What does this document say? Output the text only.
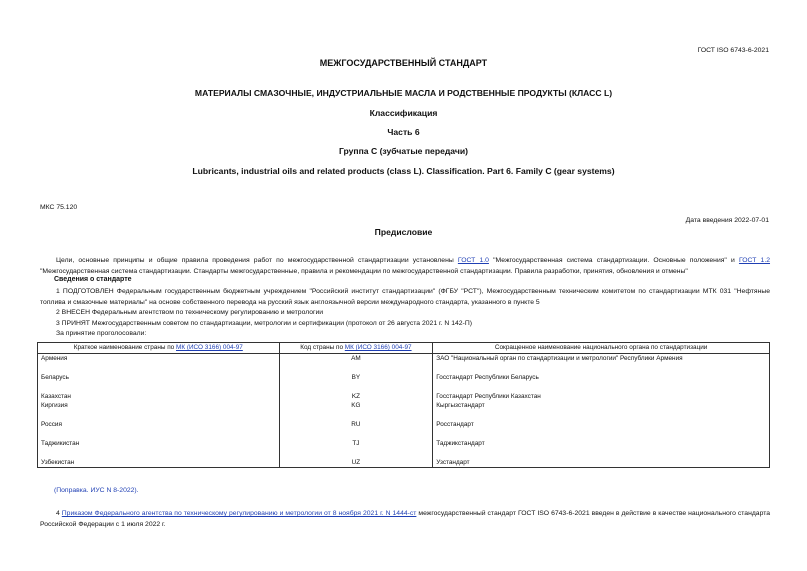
ГОСТ ISO 6743-6-2021
МЕЖГОСУДАРСТВЕННЫЙ СТАНДАРТ
МАТЕРИАЛЫ СМАЗОЧНЫЕ, ИНДУСТРИАЛЬНЫЕ МАСЛА И РОДСТВЕННЫЕ ПРОДУКТЫ (КЛАСС L)
Классификация
Часть 6
Группа С (зубчатые передачи)
Lubricants, industrial oils and related products (class L). Classification. Part 6. Family C (gear systems)
МКС 75.120
Дата введения 2022-07-01
Предисловие
Цели, основные принципы и общие правила проведения работ по межгосударственной стандартизации установлены ГОСТ 1.0 "Межгосударственная система стандартизации. Основные положения" и ГОСТ 1.2 "Межгосударственная система стандартизации. Стандарты межгосударственные, правила и рекомендации по межгосударственной стандартизации. Правила разработки, принятия, обновления и отмены"
Сведения о стандарте
1 ПОДГОТОВЛЕН Федеральным государственным бюджетным учреждением "Российский институт стандартизации" (ФГБУ "РСТ"), Межгосударственным техническим комитетом по стандартизации МТК 031 "Нефтяные топлива и смазочные материалы" на основе собственного перевода на русский язык англоязычной версии международного стандарта, указанного в пункте 5
2 ВНЕСЕН Федеральным агентством по техническому регулированию и метрологии
3 ПРИНЯТ Межгосударственным советом по стандартизации, метрологии и сертификации (протокол от 26 августа 2021 г. N 142-П)
За принятие проголосовали:
Краткое наименование страны по МК (ИСО 3166) 004-97	Код страны по МК (ИСО 3166) 004-97	Сокращенное наименование национального органа по стандартизации
Армения	AM	ЗАО "Национальный орган по стандартизации и метрологии" Республики Армения
Беларусь	BY	Госстандарт Республики Беларусь
Казахстан	KZ	Госстандарт Республики Казахстан
Киргизия	KG	Кыргызстандарт
Россия	RU	Росстандарт
Таджикистан	TJ	Таджикстандарт
Узбекистан	UZ	Узстандарт
(Поправка. ИУС N 8-2022).
4 Приказом Федерального агентства по техническому регулированию и метрологии от 8 ноября 2021 г. N 1444-ст межгосударственный стандарт ГОСТ ISO 6743-6-2021 введен в действие в качестве национального стандарта Российской Федерации с 1 июля 2022 г.
